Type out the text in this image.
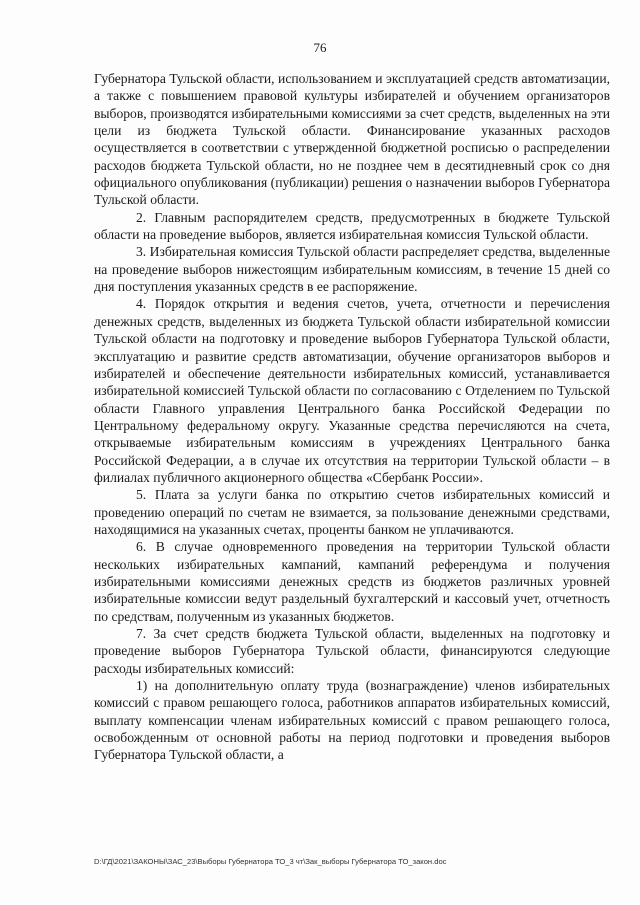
76

Губернатора Тульской области, использованием и эксплуатацией средств автоматизации, а также с повышением правовой культуры избирателей и обучением организаторов выборов, производятся избирательными комиссиями за счет средств, выделенных на эти цели из бюджета Тульской области. Финансирование указанных расходов осуществляется в соответствии с утвержденной бюджетной росписью о распределении расходов бюджета Тульской области, но не позднее чем в десятидневный срок со дня официального опубликования (публикации) решения о назначении выборов Губернатора Тульской области.

2. Главным распорядителем средств, предусмотренных в бюджете Тульской области на проведение выборов, является избирательная комиссия Тульской области.

3. Избирательная комиссия Тульской области распределяет средства, выделенные на проведение выборов нижестоящим избирательным комиссиям, в течение 15 дней со дня поступления указанных средств в ее распоряжение.

4. Порядок открытия и ведения счетов, учета, отчетности и перечисления денежных средств, выделенных из бюджета Тульской области избирательной комиссии Тульской области на подготовку и проведение выборов Губернатора Тульской области, эксплуатацию и развитие средств автоматизации, обучение организаторов выборов и избирателей и обеспечение деятельности избирательных комиссий, устанавливается избирательной комиссией Тульской области по согласованию с Отделением по Тульской области Главного управления Центрального банка Российской Федерации по Центральному федеральному округу. Указанные средства перечисляются на счета, открываемые избирательным комиссиям в учреждениях Центрального банка Российской Федерации, а в случае их отсутствия на территории Тульской области – в филиалах публичного акционерного общества «Сбербанк России».

5. Плата за услуги банка по открытию счетов избирательных комиссий и проведению операций по счетам не взимается, за пользование денежными средствами, находящимися на указанных счетах, проценты банком не уплачиваются.

6. В случае одновременного проведения на территории Тульской области нескольких избирательных кампаний, кампаний референдума и получения избирательными комиссиями денежных средств из бюджетов различных уровней избирательные комиссии ведут раздельный бухгалтерский и кассовый учет, отчетность по средствам, полученным из указанных бюджетов.

7. За счет средств бюджета Тульской области, выделенных на подготовку и проведение выборов Губернатора Тульской области, финансируются следующие расходы избирательных комиссий:

1) на дополнительную оплату труда (вознаграждение) членов избирательных комиссий с правом решающего голоса, работников аппаратов избирательных комиссий, выплату компенсации членам избирательных комиссий с правом решающего голоса, освобожденным от основной работы на период подготовки и проведения выборов Губернатора Тульской области, а

D:\ГД\2021\ЗАКОНЫ\ЗАС_23\Выборы Губернатора ТО_3 чт\Зак_выборы Губернатора ТО_закон.doc
